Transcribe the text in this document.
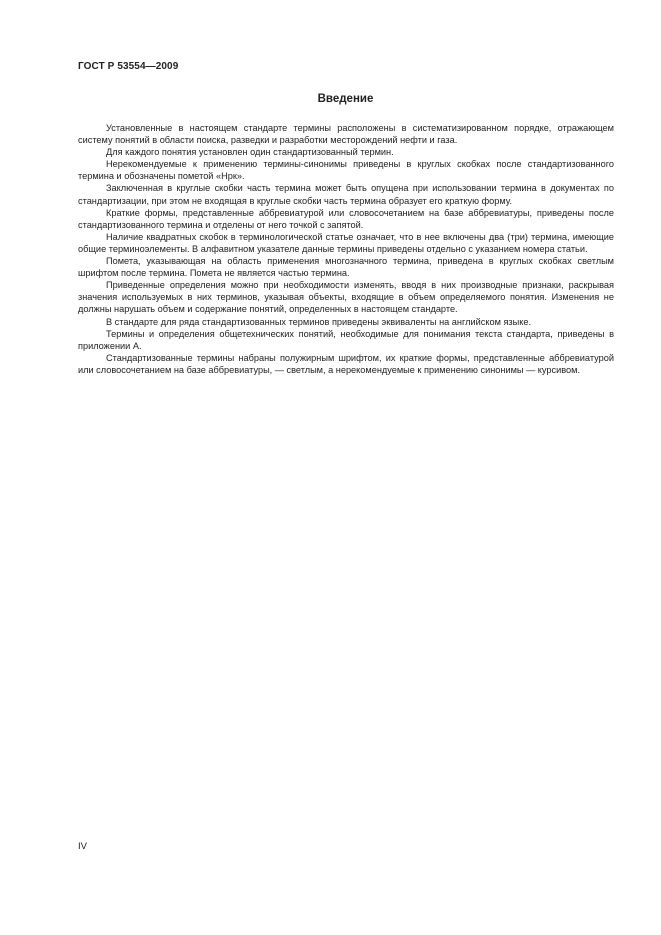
ГОСТ Р 53554—2009
Введение

Установленные в настоящем стандарте термины расположены в систематизированном порядке, отражающем систему понятий в области поиска, разведки и разработки месторождений нефти и газа.

Для каждого понятия установлен один стандартизованный термин.

Нерекомендуемые к применению термины-синонимы приведены в круглых скобках после стандартизованного термина и обозначены пометой «Нрк».

Заключенная в круглые скобки часть термина может быть опущена при использовании термина в документах по стандартизации, при этом не входящая в круглые скобки часть термина образует его краткую форму.

Краткие формы, представленные аббревиатурой или словосочетанием на базе аббревиатуры, приведены после стандартизованного термина и отделены от него точкой с запятой.

Наличие квадратных скобок в терминологической статье означает, что в нее включены два (три) термина, имеющие общие терминоэлементы. В алфавитном указателе данные термины приведены отдельно с указанием номера статьи.

Помета, указывающая на область применения многозначного термина, приведена в круглых скобках светлым шрифтом после термина. Помета не является частью термина.

Приведенные определения можно при необходимости изменять, вводя в них производные признаки, раскрывая значения используемых в них терминов, указывая объекты, входящие в объем определяемого понятия. Изменения не должны нарушать объем и содержание понятий, определенных в настоящем стандарте.

В стандарте для ряда стандартизованных терминов приведены эквиваленты на английском языке.

Термины и определения общетехнических понятий, необходимые для понимания текста стандарта, приведены в приложении А.

Стандартизованные термины набраны полужирным шрифтом, их краткие формы, представленные аббревиатурой или словосочетанием на базе аббревиатуры, — светлым, а нерекомендуемые к применению синонимы — курсивом.

IV
